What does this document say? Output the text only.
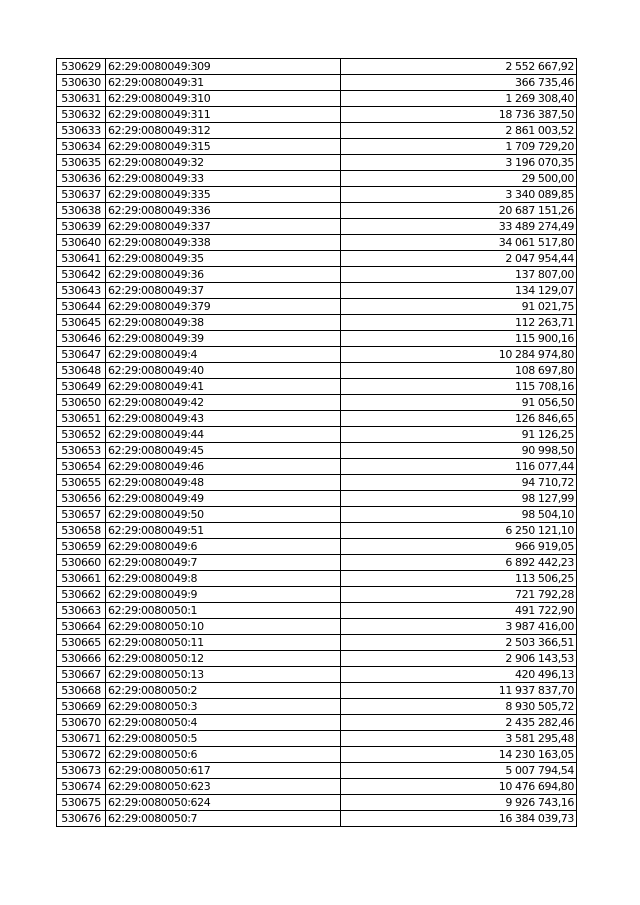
530629	62:29:0080049:309	2 552 667,92
530630	62:29:0080049:31	366 735,46
530631	62:29:0080049:310	1 269 308,40
530632	62:29:0080049:311	18 736 387,50
530633	62:29:0080049:312	2 861 003,52
530634	62:29:0080049:315	1 709 729,20
530635	62:29:0080049:32	3 196 070,35
530636	62:29:0080049:33	29 500,00
530637	62:29:0080049:335	3 340 089,85
530638	62:29:0080049:336	20 687 151,26
530639	62:29:0080049:337	33 489 274,49
530640	62:29:0080049:338	34 061 517,80
530641	62:29:0080049:35	2 047 954,44
530642	62:29:0080049:36	137 807,00
530643	62:29:0080049:37	134 129,07
530644	62:29:0080049:379	91 021,75
530645	62:29:0080049:38	112 263,71
530646	62:29:0080049:39	115 900,16
530647	62:29:0080049:4	10 284 974,80
530648	62:29:0080049:40	108 697,80
530649	62:29:0080049:41	115 708,16
530650	62:29:0080049:42	91 056,50
530651	62:29:0080049:43	126 846,65
530652	62:29:0080049:44	91 126,25
530653	62:29:0080049:45	90 998,50
530654	62:29:0080049:46	116 077,44
530655	62:29:0080049:48	94 710,72
530656	62:29:0080049:49	98 127,99
530657	62:29:0080049:50	98 504,10
530658	62:29:0080049:51	6 250 121,10
530659	62:29:0080049:6	966 919,05
530660	62:29:0080049:7	6 892 442,23
530661	62:29:0080049:8	113 506,25
530662	62:29:0080049:9	721 792,28
530663	62:29:0080050:1	491 722,90
530664	62:29:0080050:10	3 987 416,00
530665	62:29:0080050:11	2 503 366,51
530666	62:29:0080050:12	2 906 143,53
530667	62:29:0080050:13	420 496,13
530668	62:29:0080050:2	11 937 837,70
530669	62:29:0080050:3	8 930 505,72
530670	62:29:0080050:4	2 435 282,46
530671	62:29:0080050:5	3 581 295,48
530672	62:29:0080050:6	14 230 163,05
530673	62:29:0080050:617	5 007 794,54
530674	62:29:0080050:623	10 476 694,80
530675	62:29:0080050:624	9 926 743,16
530676	62:29:0080050:7	16 384 039,73
